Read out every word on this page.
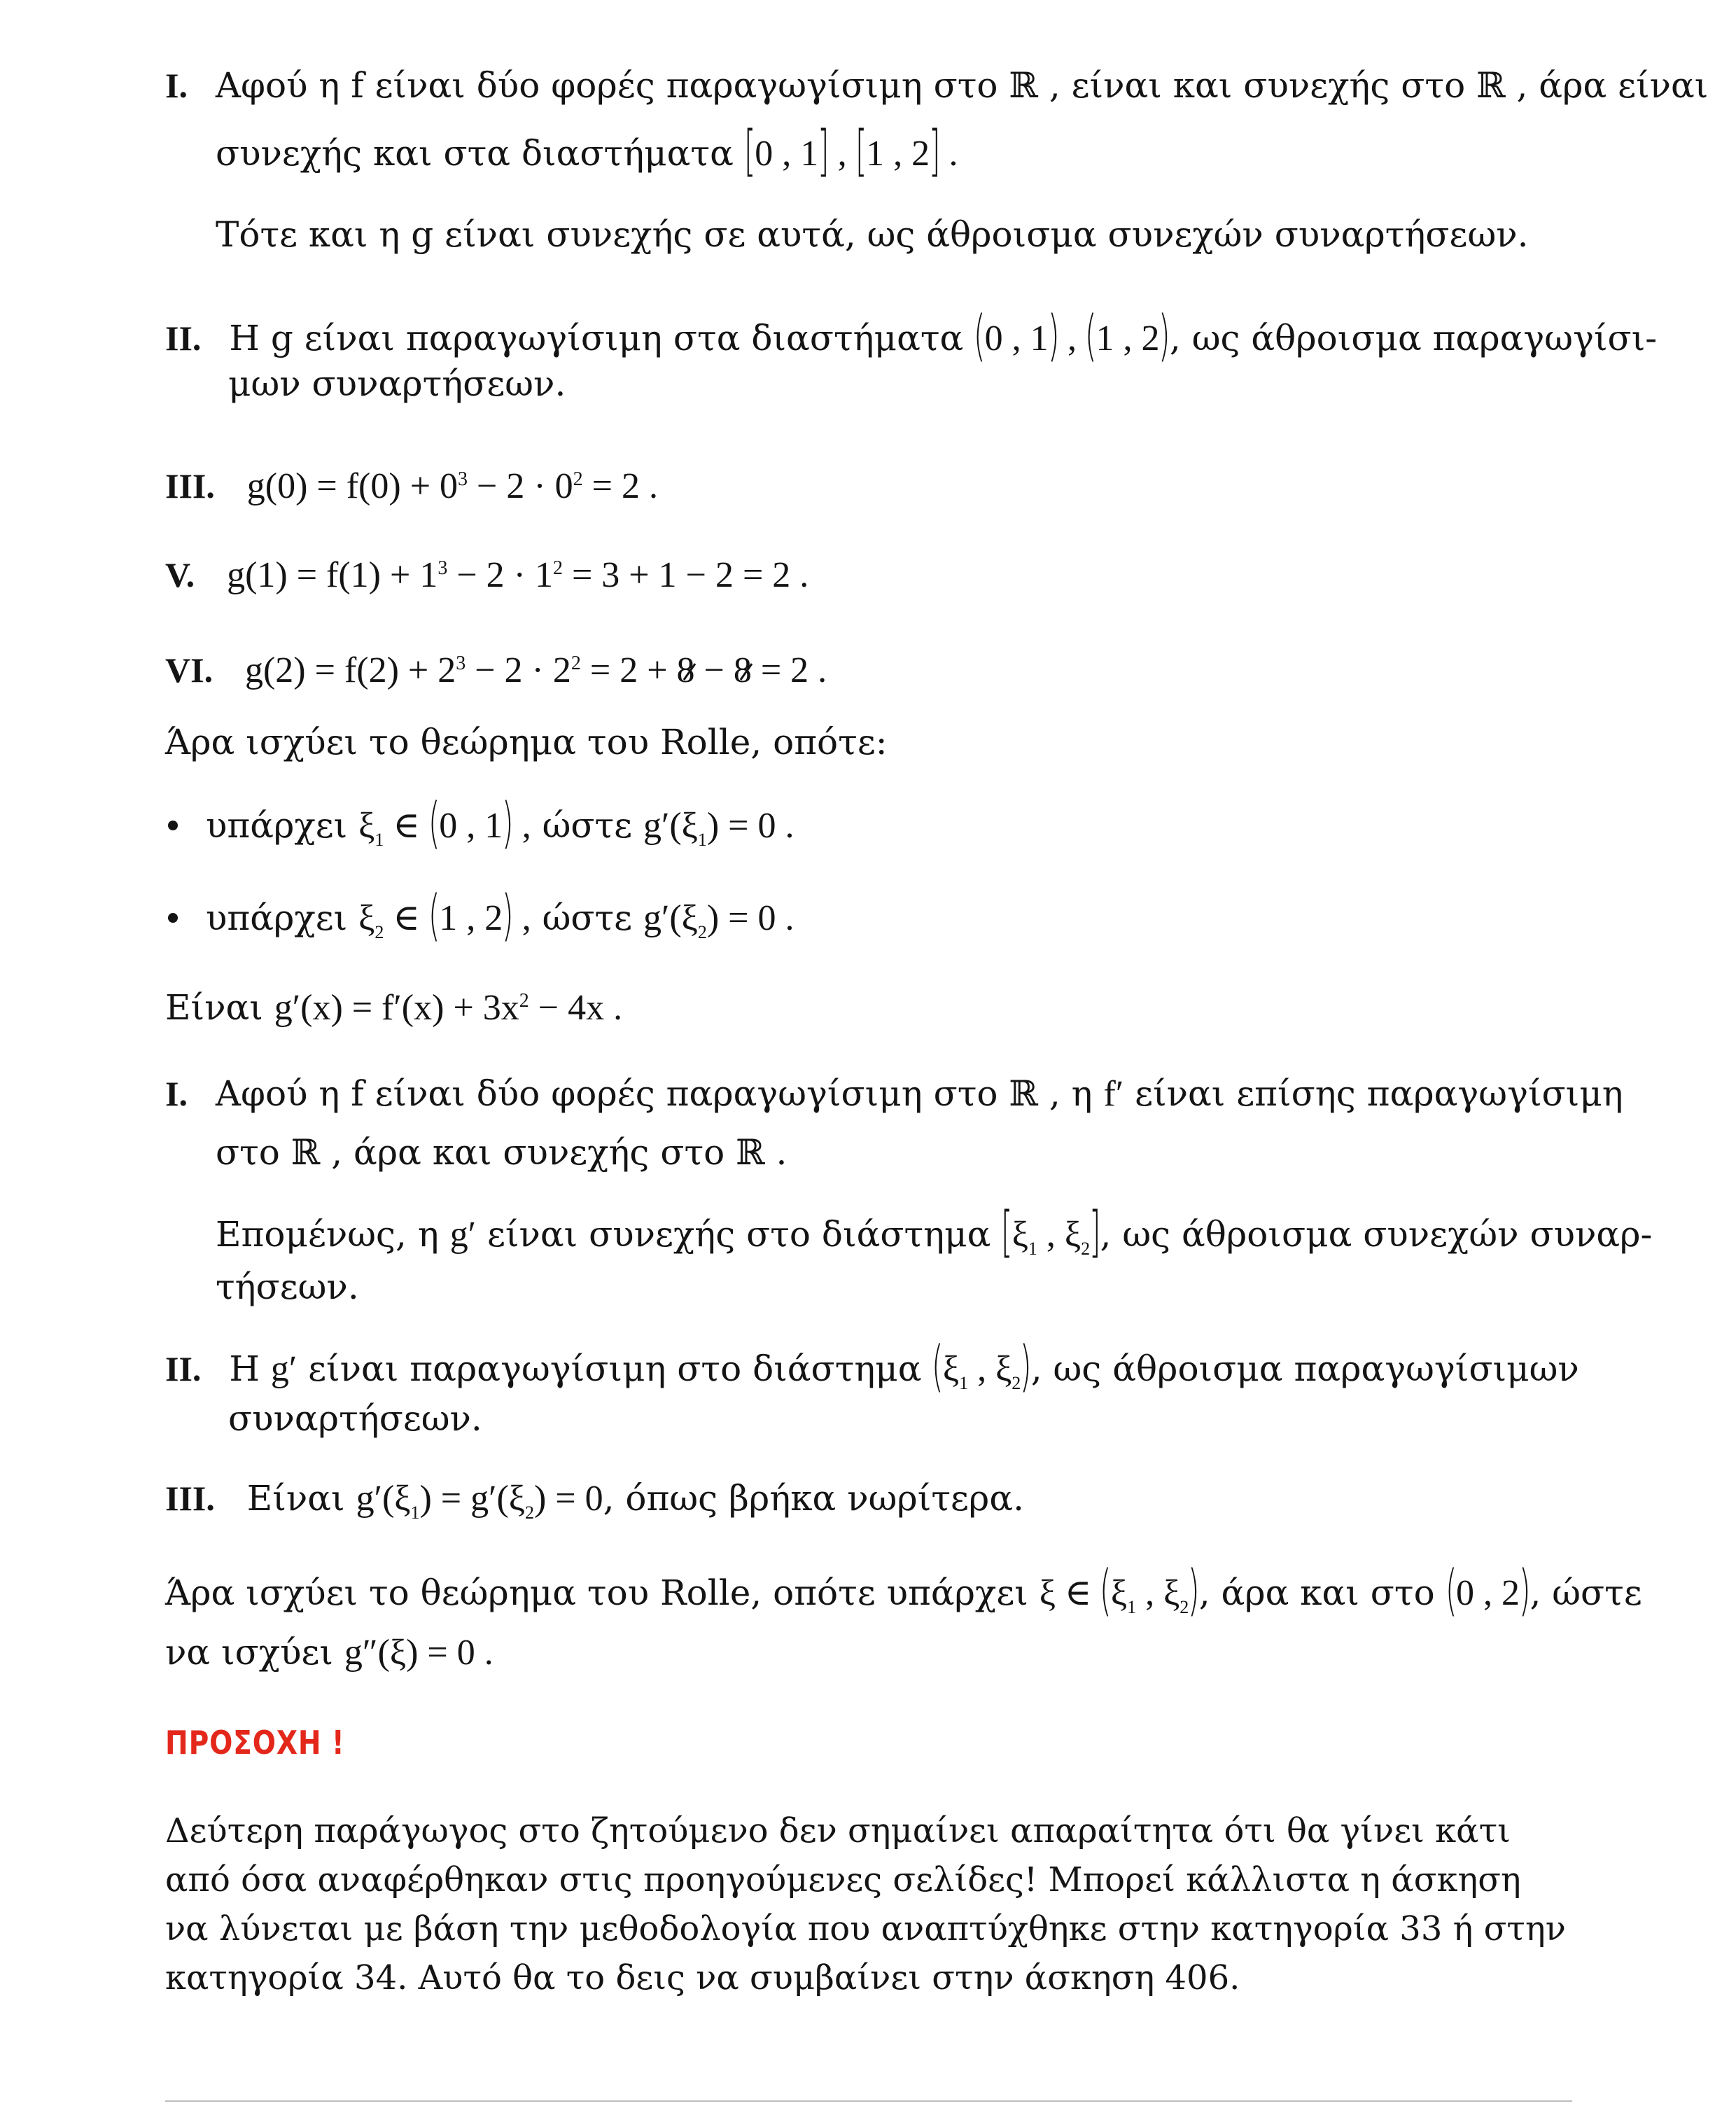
I. Αφού η f είναι δύο φορές παραγωγίσιμη στο ℝ , είναι και συνεχής στο ℝ , άρα είναι
συνεχής και στα διαστήματα [0 , 1] , [1 , 2] .
Τότε και η g είναι συνεχής σε αυτά, ως άθροισμα συνεχών συναρτήσεων.
II. Η g είναι παραγωγίσιμη στα διαστήματα (0 , 1) , (1 , 2), ως άθροισμα παραγωγίσι-
μων συναρτήσεων.
III. $g(0) = f(0) + 0^3 - 2 \cdot 0^2 = 2$ .
V. $g(1) = f(1) + 1^3 - 2 \cdot 1^2 = 3 + 1 - 2 = 2$ .
VI. $g(2) = f(2) + 2^3 - 2 \cdot 2^2 = 2 + 8 - 8 = 2$ .
Άρα ισχύει το θεώρημα του Rolle, οπότε:
υπάρχει $\xi_1$ ∈ (0 , 1) , ώστε $g'(\xi_1) = 0$ .
υπάρχει $\xi_2$ ∈ (1 , 2) , ώστε $g'(\xi_2) = 0$ .
Είναι $g'(x) = f'(x) + 3x^2 - 4x$ .
I. Αφού η f είναι δύο φορές παραγωγίσιμη στο ℝ , η f′ είναι επίσης παραγωγίσιμη
στο ℝ , άρα και συνεχής στο ℝ .
Επομένως, η g′ είναι συνεχής στο διάστημα [$\xi_1$ , $\xi_2$], ως άθροισμα συνεχών συναρ-
τήσεων.
II. Η g′ είναι παραγωγίσιμη στο διάστημα ($\xi_1$ , $\xi_2$), ως άθροισμα παραγωγίσιμων
συναρτήσεων.
III. Είναι $g'(\xi_1) = g'(\xi_2) = 0$, όπως βρήκα νωρίτερα.
Άρα ισχύει το θεώρημα του Rolle, οπότε υπάρχει ξ ∈ ($\xi_1$ , $\xi_2$), άρα και στο (0 , 2), ώστε
να ισχύει g″(ξ) = 0 .
ΠΡΟΣΟΧΗ !
Δεύτερη παράγωγος στο ζητούμενο δεν σημαίνει απαραίτητα ότι θα γίνει κάτι από όσα αναφέρθηκαν στις προηγούμενες σελίδες! Μπορεί κάλλιστα η άσκηση να λύνεται με βάση την μεθοδολογία που αναπτύχθηκε στην κατηγορία 33 ή στην κατηγορία 34. Αυτό θα το δεις να συμβαίνει στην άσκηση 406.
